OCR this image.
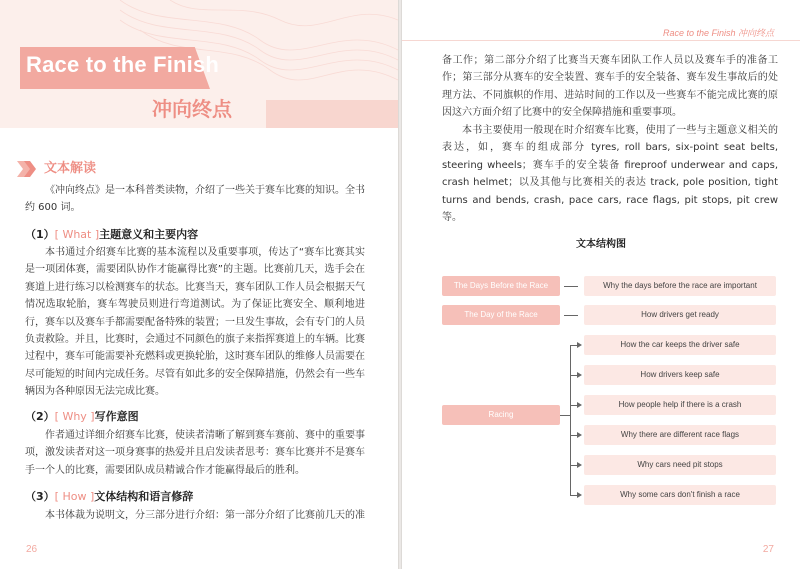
Race to the Finish
冲向终点
文本解读
《冲向终点》是一本科普类读物，介绍了一些关于赛车比赛的知识。全书约 600 词。
（1）[ What ]主题意义和主要内容
本书通过介绍赛车比赛的基本流程以及重要事项，传达了“赛车比赛其实是一项团体赛，需要团队协作才能赢得比赛”的主题。比赛前几天，选手会在赛道上进行练习以检测赛车的状态。比赛当天，赛车团队工作人员会根据天气情况选取轮胎，赛车驾驶员则进行弯道测试。为了保证比赛安全、顺利地进行，赛车以及赛车手都需要配备特殊的装置；一旦发生事故，会有专门的人员负责救险。并且，比赛时，会通过不同颜色的旗子来指挥赛道上的车辆。比赛过程中，赛车可能需要补充燃料或更换轮胎，这时赛车团队的维修人员需要在尽可能短的时间内完成任务。尽管有如此多的安全保障措施，仍然会有一些车辆因为各种原因无法完成比赛。
（2）[ Why ]写作意图
作者通过详细介绍赛车比赛，使读者清晰了解到赛车赛前、赛中的重要事项，激发读者对这一项身赛事的热爱并且启发读者思考：赛车比赛并不是赛车手一个人的比赛，需要团队成员精诚合作才能赢得最后的胜利。
（3）[ How ]文体结构和语言修辞
本书体裁为说明文，分三部分进行介绍：第一部分介绍了比赛前几天的准
26
Race to the Finish 冲向终点
备工作；第二部分介绍了比赛当天赛车团队工作人员以及赛车手的准备工作；第三部分从赛车的安全装置、赛车手的安全装备、赛车发生事故后的处理方法、不同旗帜的作用、进站时间的工作以及一些赛车不能完成比赛的原因这六方面介绍了比赛中的安全保障措施和重要事项。
本书主要使用一般现在时介绍赛车比赛，使用了一些与主题意义相关的表达，如，赛车的组成部分 tyres, roll bars, six-point seat belts, steering wheels；赛车手的安全装备 fireproof underwear and caps, crash helmet；以及其他与比赛相关的表达 track, pole position, tight turns and bends, crash, pace cars, race flags, pit stops, pit crew 等。
文本结构图
The Days Before the Race
The Day of the Race
Racing
Why the days before the race are important
How drivers get ready
How the car keeps the driver safe
How drivers keep safe
How people help if there is a crash
Why there are different race flags
Why cars need pit stops
Why some cars don't finish a race
27
